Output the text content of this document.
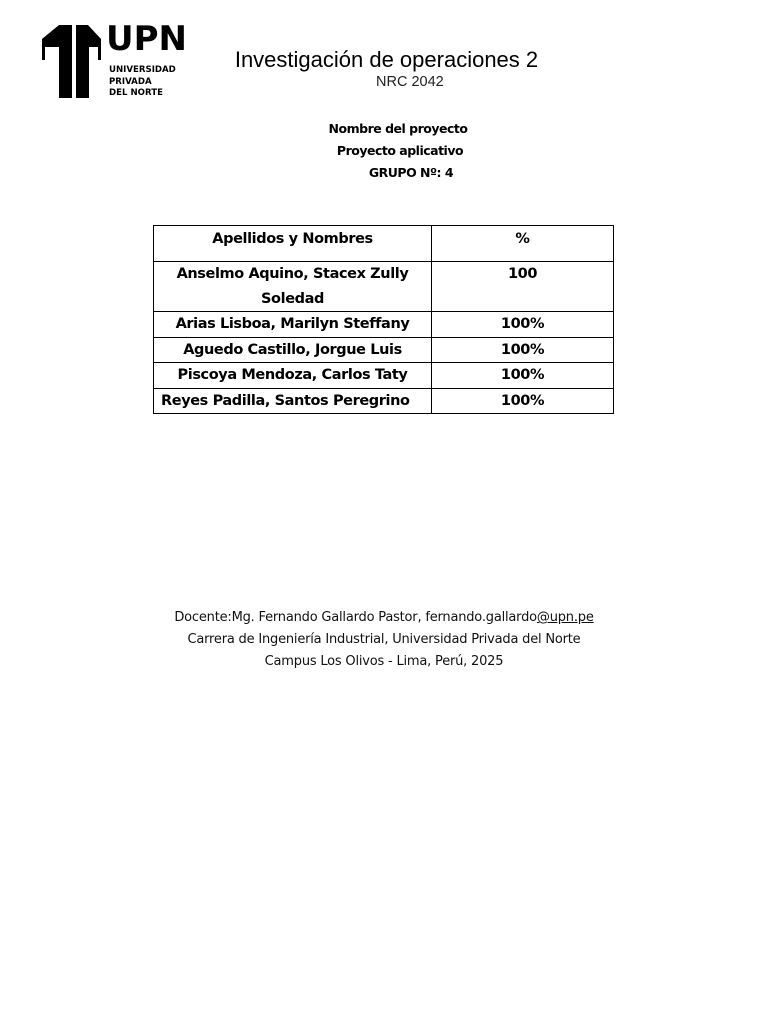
UPN
UNIVERSIDAD
PRIVADA
DEL NORTE
Investigación de operaciones 2
NRC 2042
Nombre del proyecto
Proyecto aplicativo
GRUPO Nº: 4
Apellidos y Nombres	%

Anselmo Aquino, Stacex Zully
Soledad	100
Arias Lisboa, Marilyn Steffany	100%
Aguedo Castillo, Jorgue Luis	100%
Piscoya Mendoza, Carlos Taty	100%
Reyes Padilla, Santos Peregrino	100%
Docente:Mg. Fernando Gallardo Pastor, fernando.gallardo@upn.pe
Carrera de Ingeniería Industrial, Universidad Privada del Norte
Campus Los Olivos - Lima, Perú, 2025
